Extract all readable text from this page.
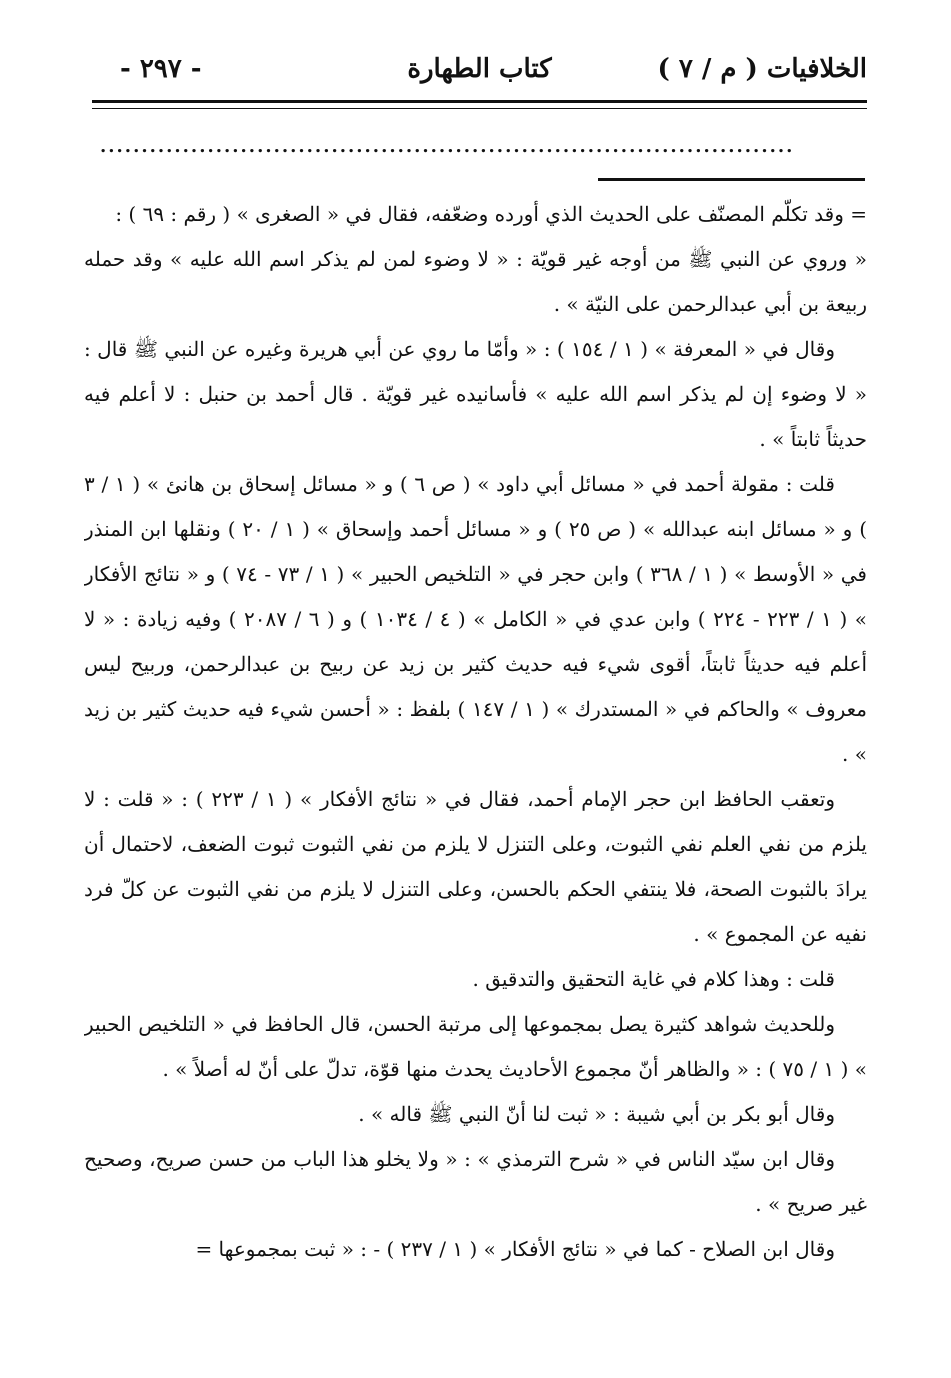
الخلافيات ( م / ٧ )
كتاب الطهارة
- ٢٩٧ -
....................................................................................

= وقد تكلّم المصنّف على الحديث الذي أورده وضعّفه، فقال في « الصغرى » ( رقم : ٦٩ ) :

« وروي عن النبي ﷺ من أوجه غير قويّة : « لا وضوء لمن لم يذكر اسم الله عليه » وقد حمله ربيعة بن أبي عبدالرحمن على النيّة » .

وقال في « المعرفة » ( ١ / ١٥٤ ) : « وأمّا ما روي عن أبي هريرة وغيره عن النبي ﷺ قال : « لا وضوء إن لم يذكر اسم الله عليه » فأسانيده غير قويّة . قال أحمد بن حنبل : لا أعلم فيه حديثاً ثابتاً » .

قلت : مقولة أحمد في « مسائل أبي داود » ( ص ٦ ) و « مسائل إسحاق بن هانئ » ( ١ / ٣ ) و « مسائل ابنه عبدالله » ( ص ٢٥ ) و « مسائل أحمد وإسحاق » ( ١ / ٢٠ ) ونقلها ابن المنذر في « الأوسط » ( ١ / ٣٦٨ ) وابن حجر في « التلخيص الحبير » ( ١ / ٧٣ - ٧٤ ) و « نتائج الأفكار » ( ١ / ٢٢٣ - ٢٢٤ ) وابن عدي في « الكامل » ( ٤ / ١٠٣٤ ) و ( ٦ / ٢٠٨٧ ) وفيه زيادة : « لا أعلم فيه حديثاً ثابتاً، أقوى شيء فيه حديث كثير بن زيد عن ربيح بن عبدالرحمن، وربيح ليس معروف » والحاكم في « المستدرك » ( ١ / ١٤٧ ) بلفظ : « أحسن شيء فيه حديث كثير بن زيد » .

وتعقب الحافظ ابن حجر الإمام أحمد، فقال في « نتائج الأفكار » ( ١ / ٢٢٣ ) : « قلت : لا يلزم من نفي العلم نفي الثبوت، وعلى التنزل لا يلزم من نفي الثبوت ثبوت الضعف، لاحتمال أن يرادَ بالثبوت الصحة، فلا ينتفي الحكم بالحسن، وعلى التنزل لا يلزم من نفي الثبوت عن كلّ فرد نفيه عن المجموع » .

قلت : وهذا كلام في غاية التحقيق والتدقيق .

وللحديث شواهد كثيرة يصل بمجموعها إلى مرتبة الحسن، قال الحافظ في « التلخيص الحبير » ( ١ / ٧٥ ) : « والظاهر أنّ مجموع الأحاديث يحدث منها قوّة، تدلّ على أنّ له أصلاً » .

وقال أبو بكر بن أبي شيبة : « ثبت لنا أنّ النبي ﷺ قاله » .

وقال ابن سيّد الناس في « شرح الترمذي » : « ولا يخلو هذا الباب من حسن صريح، وصحيح غير صريح » .

وقال ابن الصلاح - كما في « نتائج الأفكار » ( ١ / ٢٣٧ ) - : « ثبت بمجموعها =
